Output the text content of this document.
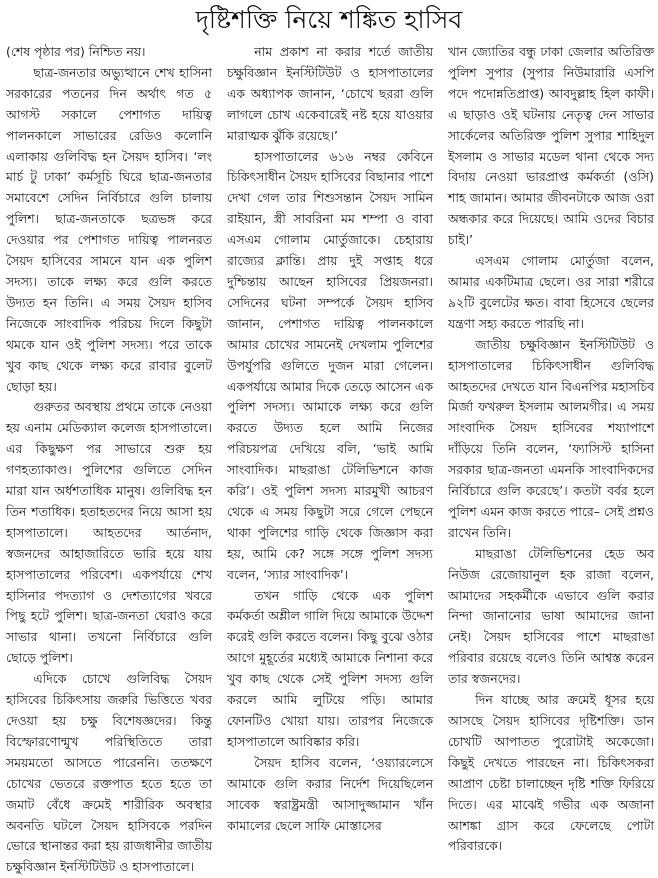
দৃষ্টিশক্তি নিয়ে শঙ্কিত হাসিব

(শেষ পৃষ্ঠার পর) নিশ্চিত নয়।

ছাত্র-জনতার অভ্যুত্থানে শেখ হাসিনা সরকারের পতনের দিন অর্থাৎ গত ৫ আগস্ট সকালে পেশাগত দায়িত্ব পালনকালে সাভারের রেডিও কলোনি এলাকায় গুলিবিদ্ধ হন সৈয়দ হাসিব। ‘লং মার্চ টু ঢাকা’ কর্মসূচি ঘিরে ছাত্র-জনতার সমাবেশে সেদিন নির্বিচারে গুলি চালায় পুলিশ। ছাত্র-জনতাকে ছত্রভঙ্গ করে দেওয়ার পর পেশাগত দায়িত্ব পালনরত সৈয়দ হাসিবের সামনে যান এক পুলিশ সদস্য। তাকে লক্ষ্য করে গুলি করতে উদ্যত হন তিনি। এ সময় সৈয়দ হাসিব নিজেকে সাংবাদিক পরিচয় দিলে কিছুটা থমকে যান ওই পুলিশ সদস্য। পরে তাকে খুব কাছ থেকে লক্ষ্য করে রাবার বুলেট ছোড়া হয়।

গুরুতর অবস্থায় প্রথমে তাকে নেওয়া হয় এনাম মেডিক্যাল কলেজ হাসপাতালে। এর কিছুক্ষণ পর সাভারে শুরু হয় গণহত্যাকাণ্ড। পুলিশের গুলিতে সেদিন মারা যান অর্ধশতাধিক মানুষ। গুলিবিদ্ধ হন তিন শতাধিক। হতাহতদের নিয়ে আসা হয় হাসপাতালে। আহতদের আর্তনাদ, স্বজনদের আহাজারিতে ভারি হয়ে যায় হাসপাতালের পরিবেশ। একপর্যায়ে শেখ হাসিনার পদত্যাগ ও দেশত্যাগের খবরে পিছু হটে পুলিশ। ছাত্র-জনতা ঘেরাও করে সাভার থানা। তখনো নির্বিচারে গুলি ছোড়ে পুলিশ।

এদিকে চোখে গুলিবিদ্ধ সৈয়দ হাসিবের চিকিৎসায় জরুরি ভিত্তিতে খবর দেওয়া হয় চক্ষু বিশেষজ্ঞদের। কিন্তু বিস্ফোরণোন্মুখ পরিস্থিতিতে তারা সময়মতো আসতে পারেননি। ততক্ষণে চোখের ভেতরে রক্তপাত হতে হতে তা জমাট বেঁধে ক্রমেই শারীরিক অবস্থার অবনতি ঘটলে সৈয়দ হাসিবকে পরদিন ভোরে স্থানান্তর করা হয় রাজধানীর জাতীয় চক্ষুবিজ্ঞান ইনস্টিটিউট ও হাসপাতালে।

নাম প্রকাশ না করার শর্তে জাতীয় চক্ষুবিজ্ঞান ইনস্টিটিউট ও হাসপাতালের এক অধ্যাপক জানান, ‘চোখে ছররা গুলি লাগলে চোখ একেবারেই নষ্ট হয়ে যাওয়ার মারাত্মক ঝুঁকি রয়েছে।’

হাসপাতালের ৬১৬ নম্বর কেবিনে চিকিৎসাধীন সৈয়দ হাসিবের বিছানার পাশে দেখা গেল তার শিশুসন্তান সৈয়দ সামিন রাইয়ান, স্ত্রী সাবরিনা মম শম্পা ও বাবা এসএম গোলাম মোর্তুজাকে। চেহারায় রাজ্যের ক্লান্তি। প্রায় দুই সপ্তাহ ধরে দুশ্চিন্তায় আছেন হাসিবের প্রিয়জনরা। সেদিনের ঘটনা সম্পর্কে সৈয়দ হাসিব জানান, পেশাগত দায়িত্ব পালনকালে আমার চোখের সামনেই দেখলাম পুলিশের উপর্যুপরি গুলিতে দুজন মারা গেলেন। একপর্যায়ে আমার দিকে তেড়ে আসেন এক পুলিশ সদস্য। আমাকে লক্ষ্য করে গুলি করতে উদ্যত হলে আমি নিজের পরিচয়পত্র দেখিয়ে বলি, ‘ভাই আমি সাংবাদিক। মাছরাঙা টেলিভিশনে কাজ করি’। ওই পুলিশ সদস্য মারমুখী আচরণ থেকে এ সময় কিছুটা সরে গেলে পেছনে থাকা পুলিশের গাড়ি থেকে জিজ্ঞাস করা হয়, আমি কে? সঙ্গে সঙ্গে পুলিশ সদস্য বলেন, ‘স্যার সাংবাদিক’।

তখন গাড়ি থেকে এক পুলিশ কর্মকর্তা অশ্লীল গালি দিয়ে আমাকে উদ্দেশ করেই গুলি করতে বলেন। কিছু বুঝে ওঠার আগে মুহূর্তের মধ্যেই আমাকে নিশানা করে খুব কাছ থেকে সেই পুলিশ সদস্য গুলি করলে আমি লুটিয়ে পড়ি। আমার ফোনটিও খোয়া যায়। তারপর নিজেকে হাসপাতালে আবিষ্কার করি।

সৈয়দ হাসিব বলেন, ‘ওয়্যারলেসে আমাকে গুলি করার নির্দেশ দিয়েছিলেন সাবেক স্বরাষ্ট্রমন্ত্রী আসাদুজ্জামান খাঁন কামালের ছেলে সাফি মোস্তাসের

খান জ্যোতির বন্ধু ঢাকা জেলার অতিরিক্ত পুলিশ সুপার (সুপার নিউমারারি এসপি পদে পদোন্নতিপ্রাপ্ত) আবদুল্লাহ হিল কাফী। এ ছাড়াও ওই ঘটনায় নেতৃত্ব দেন সাভার সার্কেলের অতিরিক্ত পুলিশ সুপার শাহিদুল ইসলাম ও সাভার মডেল থানা থেকে সদ্য বিদায় নেওয়া ভারপ্রাপ্ত কর্মকর্তা (ওসি) শাহ জামান। আমার জীবনটাকে আজ ওরা অন্ধকার করে দিয়েছে। আমি ওদের বিচার চাই।’

এসএম গোলাম মোর্তুজা বলেন, আমার একটিমাত্র ছেলে। ওর সারা শরীরে ৯২টি বুলেটের ক্ষত। বাবা হিসেবে ছেলের যন্ত্রণা সহ্য করতে পারছি না।

জাতীয় চক্ষুবিজ্ঞান ইনস্টিটিউট ও হাসপাতালের চিকিৎসাধীন গুলিবিদ্ধ আহতদের দেখতে যান বিএনপির মহাসচিব মির্জা ফখরুল ইসলাম আলমগীর। এ সময় সাংবাদিক সৈয়দ হাসিবের শয্যাপাশে দাঁড়িয়ে তিনি বলেন, ‘ফ্যাসিস্ট হাসিনা সরকার ছাত্র-জনতা এমনকি সাংবাদিকদের নির্বিচারে গুলি করেছে’। কতটা বর্বর হলে পুলিশ এমন কাজ করতে পারে– সেই প্রশ্নও রাখেন তিনি।

মাছরাঙা টেলিভিশনের হেড অব নিউজ রেজোয়ানুল হক রাজা বলেন, আমাদের সহকর্মীকে এভাবে গুলি করার নিন্দা জানানোর ভাষা আমাদের জানা নেই। সৈয়দ হাসিবের পাশে মাছরাঙা পরিবার রয়েছে বলেও তিনি আশ্বস্ত করেন তার স্বজনদের।

দিন যাচ্ছে আর ক্রমেই ধূসর হয়ে আসছে সৈয়দ হাসিবের দৃষ্টিশক্তি। ডান চোখটি আপাতত পুরোটাই অকেজো। কিছুই দেখতে পারছেন না। চিকিৎসকরা আপ্রাণ চেষ্টা চালাচ্ছেন দৃষ্টি শক্তি ফিরিয়ে দিতে। এর মাঝেই গভীর এক অজানা আশঙ্কা গ্রাস করে ফেলেছে পোটা পরিবারকে।
